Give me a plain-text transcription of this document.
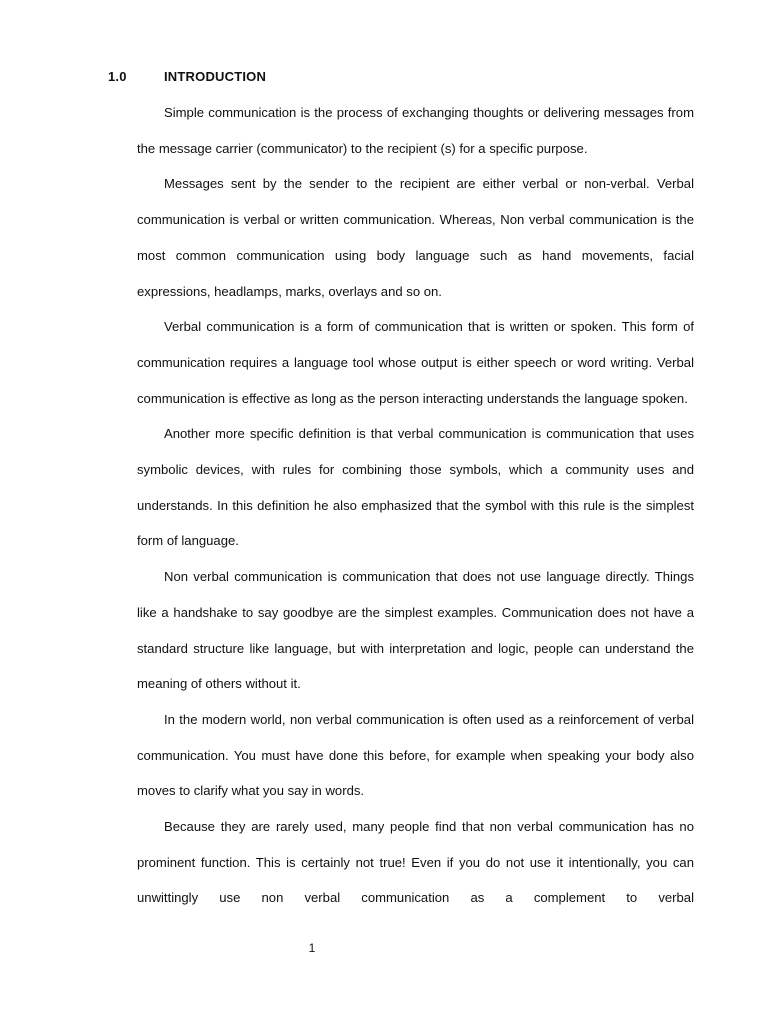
1.0	INTRODUCTION

Simple communication is the process of exchanging thoughts or delivering messages from the message carrier (communicator) to the recipient (s) for a specific purpose.

Messages sent by the sender to the recipient are either verbal or non-verbal. Verbal communication is verbal or written communication. Whereas, Non verbal communication is the most common communication using body language such as hand movements, facial expressions, headlamps, marks, overlays and so on.

Verbal communication is a form of communication that is written or spoken. This form of communication requires a language tool whose output is either speech or word writing. Verbal communication is effective as long as the person interacting understands the language spoken.

Another more specific definition is that verbal communication is communication that uses symbolic devices, with rules for combining those symbols, which a community uses and understands. In this definition he also emphasized that the symbol with this rule is the simplest form of language.

Non verbal communication is communication that does not use language directly. Things like a handshake to say goodbye are the simplest examples. Communication does not have a standard structure like language, but with interpretation and logic, people can understand the meaning of others without it.

In the modern world, non verbal communication is often used as a reinforcement of verbal communication. You must have done this before, for example when speaking your body also moves to clarify what you say in words.

Because they are rarely used, many people find that non verbal communication has no prominent function. This is certainly not true! Even if you do not use it intentionally, you can unwittingly use non verbal communication as a complement to verbal

1
